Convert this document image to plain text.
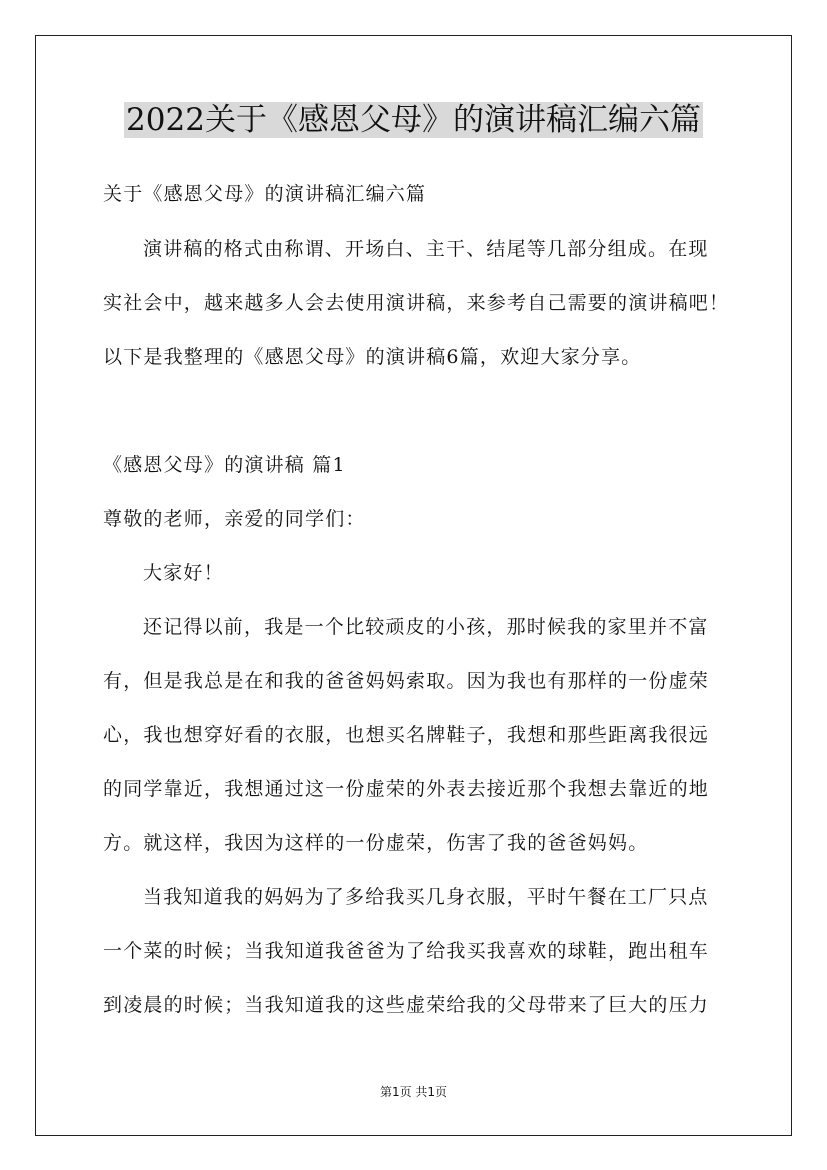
2022关于《感恩父母》的演讲稿汇编六篇

关于《感恩父母》的演讲稿汇编六篇

演讲稿的格式由称谓、开场白、主干、结尾等几部分组成。在现

实社会中，越来越多人会去使用演讲稿，来参考自己需要的演讲稿吧！

以下是我整理的《感恩父母》的演讲稿6篇，欢迎大家分享。

《感恩父母》的演讲稿 篇1

尊敬的老师，亲爱的同学们：

大家好！

还记得以前，我是一个比较顽皮的小孩，那时候我的家里并不富

有，但是我总是在和我的爸爸妈妈索取。因为我也有那样的一份虚荣

心，我也想穿好看的衣服，也想买名牌鞋子，我想和那些距离我很远

的同学靠近，我想通过这一份虚荣的外表去接近那个我想去靠近的地

方。就这样，我因为这样的一份虚荣，伤害了我的爸爸妈妈。

当我知道我的妈妈为了多给我买几身衣服，平时午餐在工厂只点

一个菜的时候；当我知道我爸爸为了给我买我喜欢的球鞋，跑出租车

到凌晨的时候；当我知道我的这些虚荣给我的父母带来了巨大的压力

第1页 共1页
